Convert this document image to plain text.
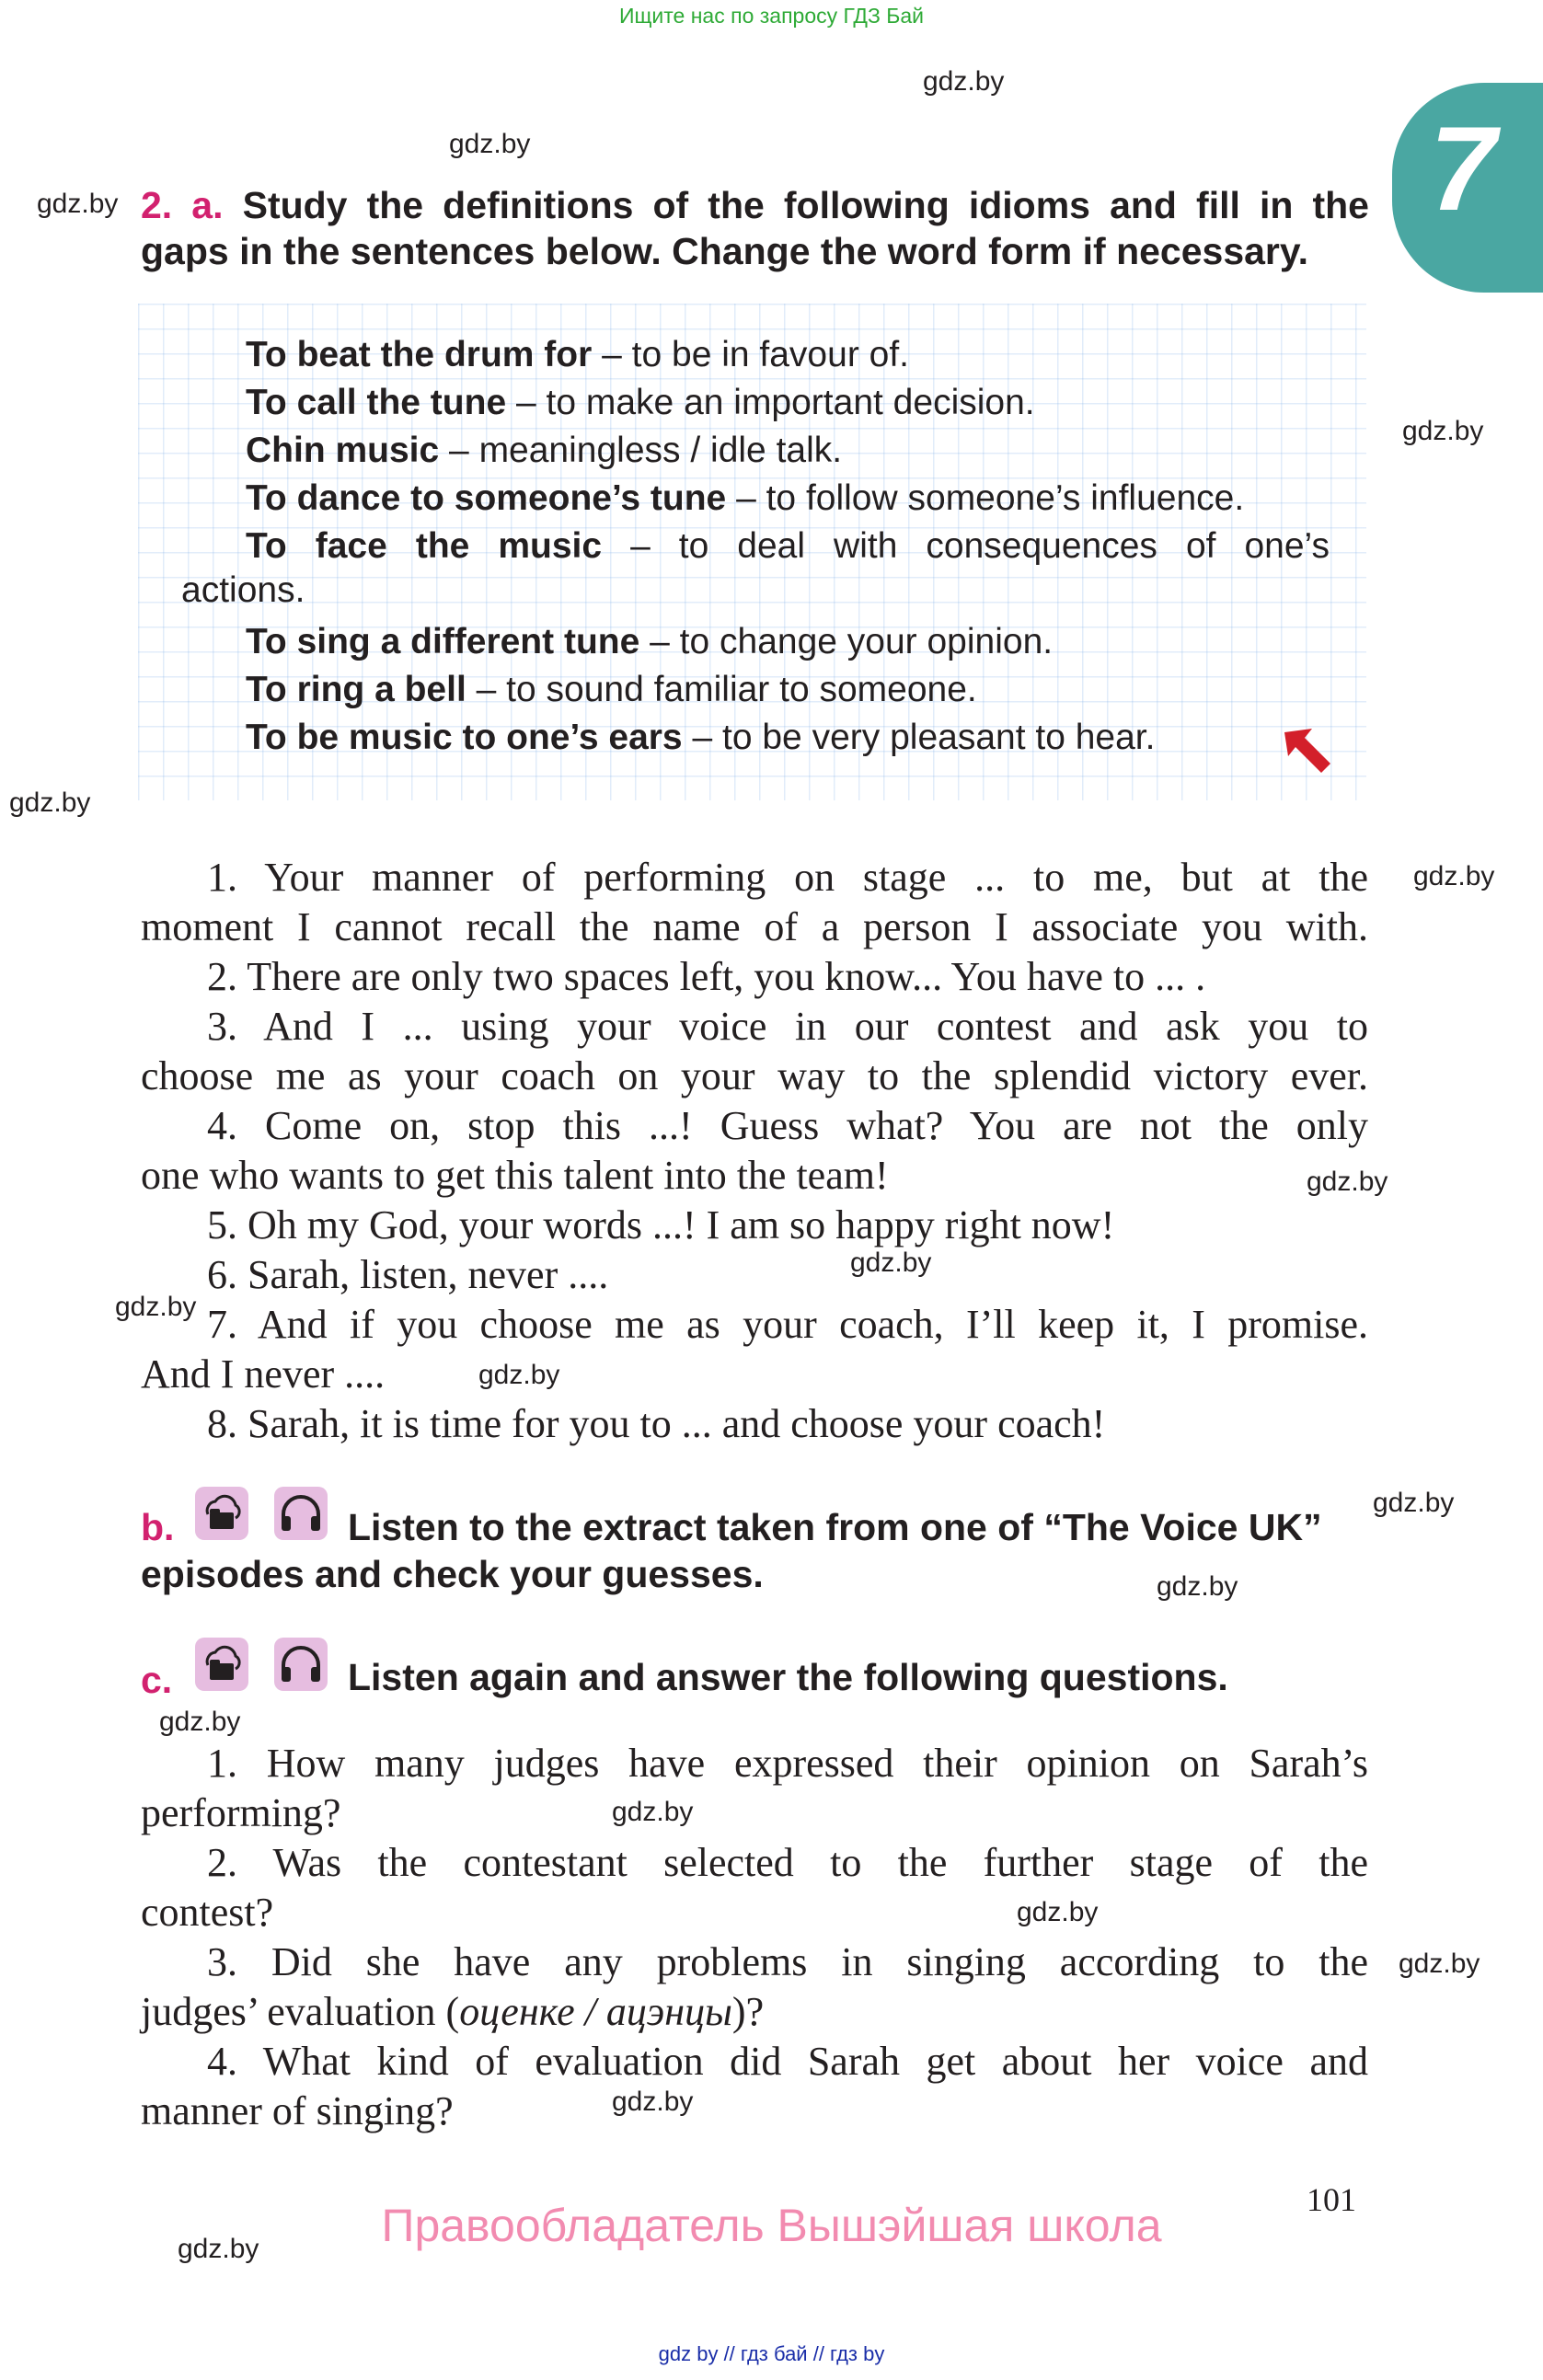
Ищите нас по запросу ГДЗ Бай
7
gdz.by
gdz.by
gdz.by
gdz.by
gdz.by
gdz.by
gdz.by
gdz.by
gdz.by
gdz.by
gdz.by
gdz.by
gdz.by
gdz.by
gdz.by
gdz.by
gdz.by
gdz.by
2. a. Study the definitions of the following idioms and fill in the
gaps in the sentences below. Change the word form if necessary.
To beat the drum for – to be in favour of.
To call the tune – to make an important decision.
Chin music – meaningless / idle talk.
To dance to someone’s tune – to follow someone’s influence.
To face the music – to deal with consequences of one’s
actions.
To sing a different tune – to change your opinion.
To ring a bell – to sound familiar to someone.
To be music to one’s ears – to be very pleasant to hear.
1. Your manner of performing on stage ... to me, but at the
moment I cannot recall the name of a person I associate you with.
2. There are only two spaces left, you know... You have to ... .
3. And I ... using your voice in our contest and ask you to
choose me as your coach on your way to the splendid victory ever.
4. Come on, stop this ...! Guess what? You are not the only
one who wants to get this talent into the team!
5. Oh my God, your words ...! I am so happy right now!
6. Sarah, listen, never ....
7. And if you choose me as your coach, I’ll keep it, I promise.
And I never ....
8. Sarah, it is time for you to ... and choose your coach!
b.	Listen to the extract taken from one of “The Voice UK”
episodes and check your guesses.
c.	Listen again and answer the following questions.
1. How many judges have expressed their opinion on Sarah’s
performing?
2. Was the contestant selected to the further stage of the
contest?
3. Did she have any problems in singing according to the
judges’ evaluation (оценке / ацэнцы)?
4. What kind of evaluation did Sarah get about her voice and
manner of singing?
101
Правообладатель Вышэйшая школа
gdz by // гдз бай // гдз by
